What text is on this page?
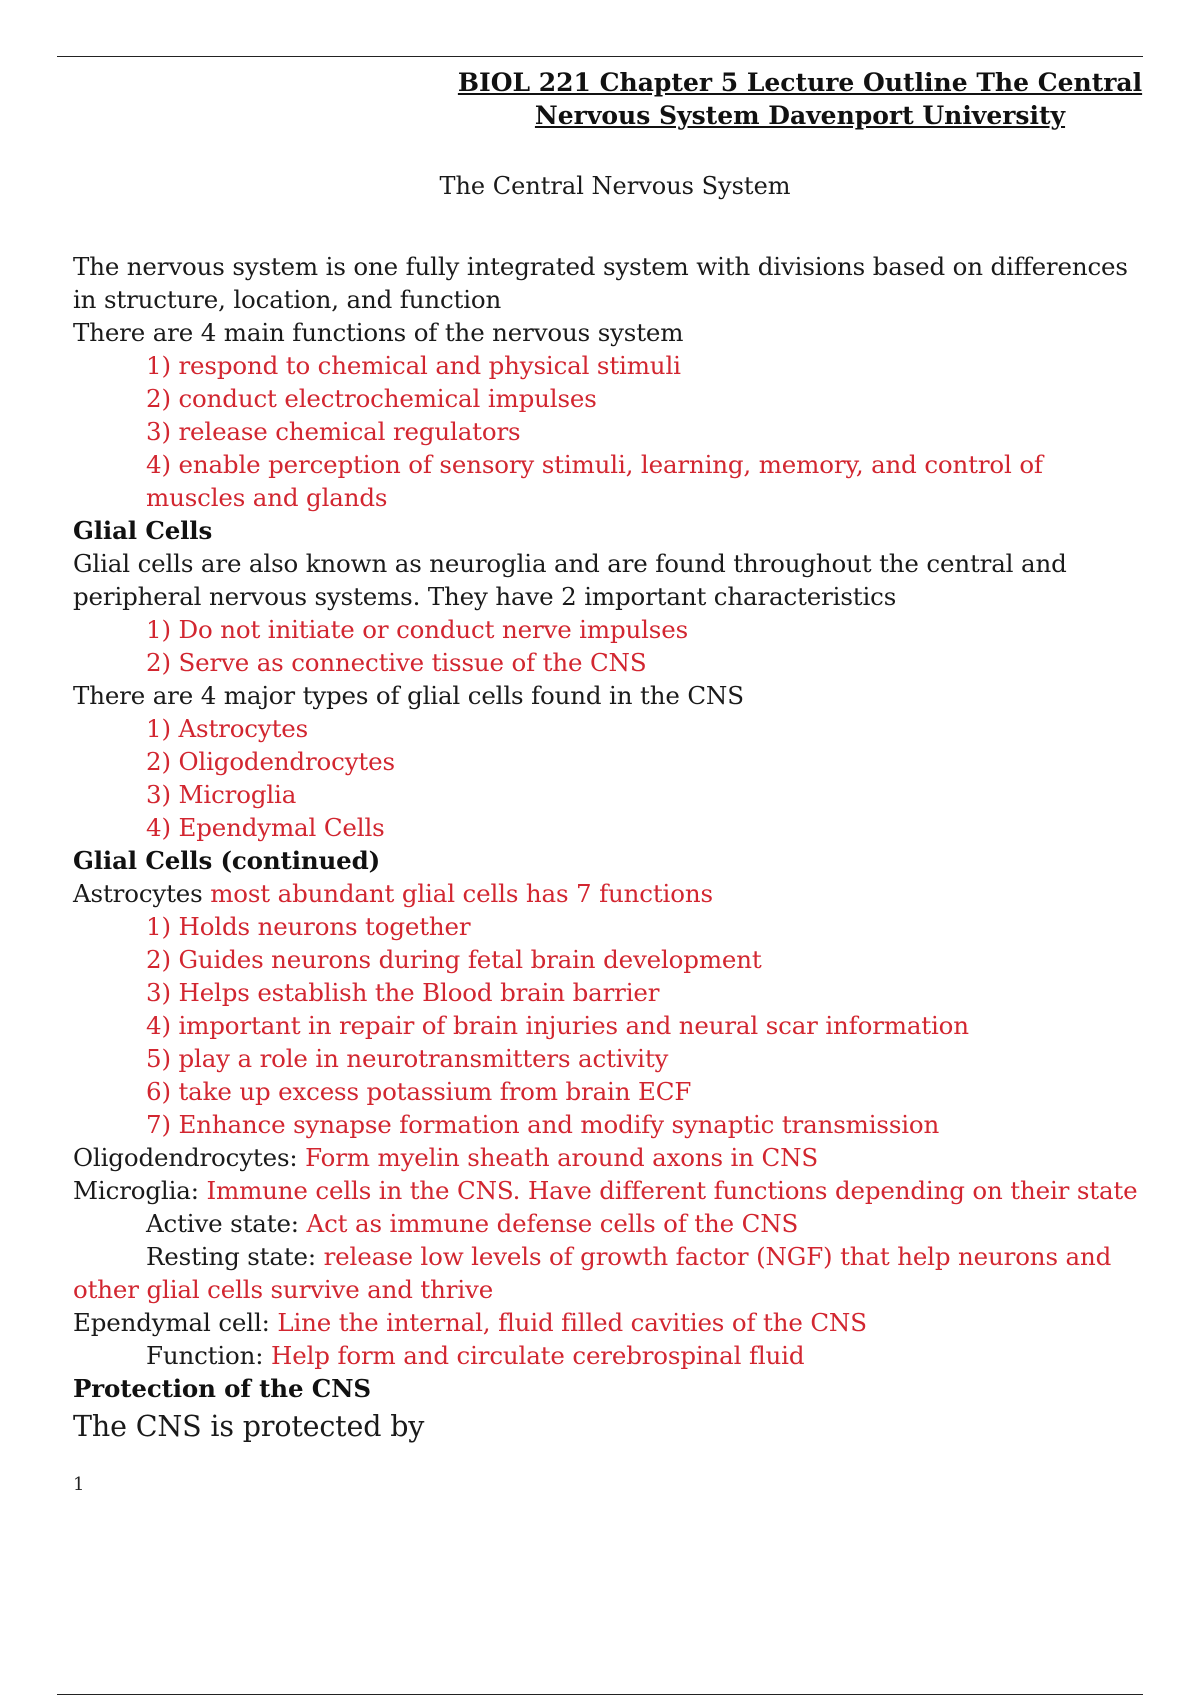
BIOL 221 Chapter 5 Lecture Outline The Central Nervous System Davenport University
The Central Nervous System

The nervous system is one fully integrated system with divisions based on differences in structure, location, and function

There are 4 main functions of the nervous system

1) respond to chemical and physical stimuli
2) conduct electrochemical impulses
3) release chemical regulators
4) enable perception of sensory stimuli, learning, memory, and control of muscles and glands

Glial Cells

Glial cells are also known as neuroglia and are found throughout the central and peripheral nervous systems. They have 2 important characteristics

1) Do not initiate or conduct nerve impulses
2) Serve as connective tissue of the CNS

There are 4 major types of glial cells found in the CNS

1) Astrocytes
2) Oligodendrocytes
3) Microglia
4) Ependymal Cells

Glial Cells (continued)

Astrocytes most abundant glial cells has 7 functions

1) Holds neurons together
2) Guides neurons during fetal brain development
3) Helps establish the Blood brain barrier
4) important in repair of brain injuries and neural scar information
5) play a role in neurotransmitters activity
6) take up excess potassium from brain ECF
7) Enhance synapse formation and modify synaptic transmission

Oligodendrocytes: Form myelin sheath around axons in CNS

Microglia: Immune cells in the CNS. Have different functions depending on their state

Active state: Act as immune defense cells of the CNS

Resting state: release low levels of growth factor (NGF) that help neurons and other glial cells survive and thrive

Ependymal cell: Line the internal, fluid filled cavities of the CNS

Function: Help form and circulate cerebrospinal fluid

Protection of the CNS

The CNS is protected by

1
